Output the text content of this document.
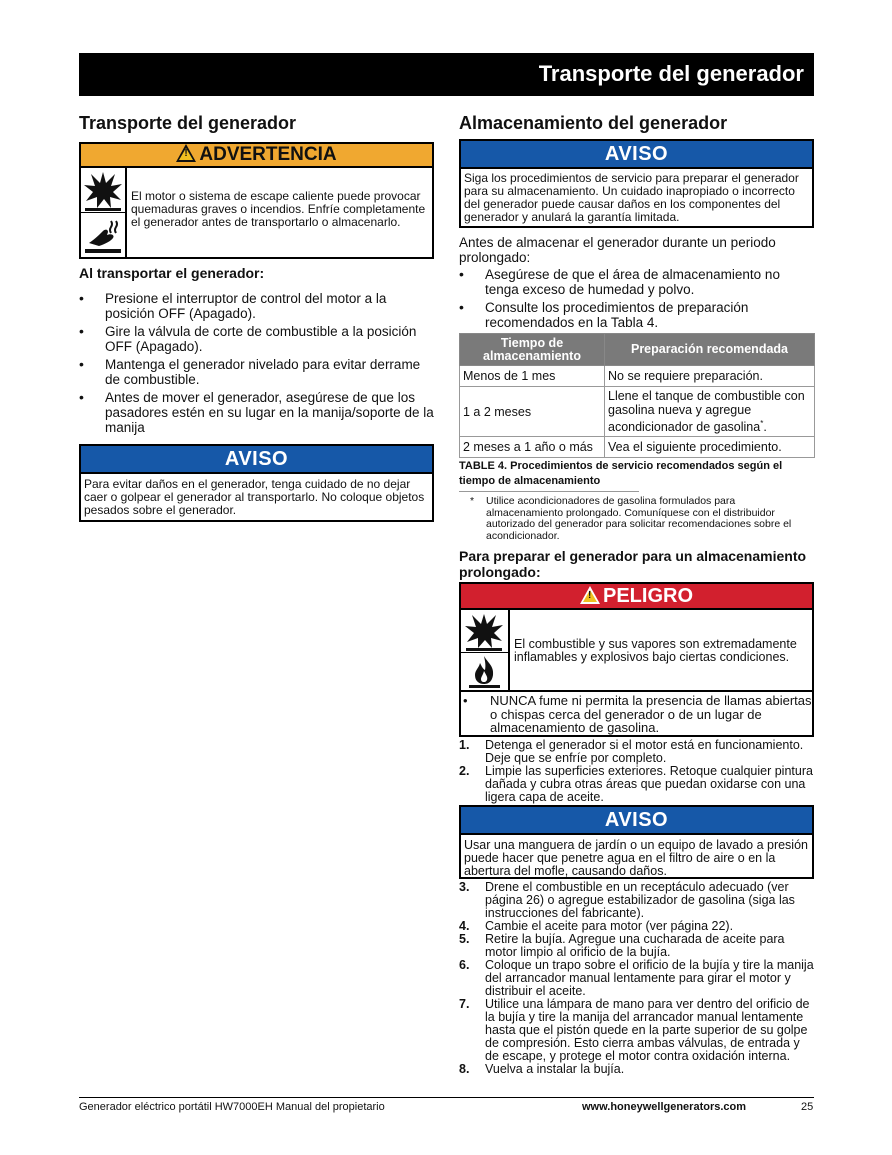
Transporte del generador
Transporte del generador
! ADVERTENCIA
El motor o sistema de escape caliente puede provocar quemaduras graves o incendios. Enfríe completamente el generador antes de transportarlo o almacenarlo.
Al transportar el generador:
• Presione el interruptor de control del motor a la posición OFF (Apagado).
• Gire la válvula de corte de combustible a la posición OFF (Apagado).
• Mantenga el generador nivelado para evitar derrame de combustible.
• Antes de mover el generador, asegúrese de que los pasadores estén en su lugar en la manija/soporte de la manija
AVISO
Para evitar daños en el generador, tenga cuidado de no dejar caer o golpear el generador al transportarlo. No coloque objetos pesados sobre el generador.
Almacenamiento del generador
AVISO
Siga los procedimientos de servicio para preparar el generador para su almacenamiento. Un cuidado inapropiado o incorrecto del generador puede causar daños en los componentes del generador y anulará la garantía limitada.
Antes de almacenar el generador durante un periodo prolongado:
• Asegúrese de que el área de almacenamiento no tenga exceso de humedad y polvo.
• Consulte los procedimientos de preparación recomendados en la Tabla 4.
Tiempo de almacenamiento	Preparación recomendada
Menos de 1 mes	No se requiere preparación.
1 a 2 meses	Llene el tanque de combustible con gasolina nueva y agregue acondicionador de gasolina*.
2 meses a 1 año o más	Vea el siguiente procedimiento.
TABLE 4. Procedimientos de servicio recomendados según el tiempo de almacenamiento
* Utilice acondicionadores de gasolina formulados para almacenamiento prolongado. Comuníquese con el distribuidor autorizado del generador para solicitar recomendaciones sobre el acondicionador.
Para preparar el generador para un almacenamiento prolongado:
! PELIGRO
El combustible y sus vapores son extremadamente inflamables y explosivos bajo ciertas condiciones.
•	NUNCA fume ni permita la presencia de llamas abiertas o chispas cerca del generador o de un lugar de almacenamiento de gasolina.
1. Detenga el generador si el motor está en funcionamiento. Deje que se enfríe por completo.
2. Limpie las superficies exteriores. Retoque cualquier pintura dañada y cubra otras áreas que puedan oxidarse con una ligera capa de aceite.
AVISO
Usar una manguera de jardín o un equipo de lavado a presión puede hacer que penetre agua en el filtro de aire o en la abertura del mofle, causando daños.
3. Drene el combustible en un receptáculo adecuado (ver página 26) o agregue estabilizador de gasolina (siga las instrucciones del fabricante).
4. Cambie el aceite para motor (ver página 22).
5. Retire la bujía. Agregue una cucharada de aceite para motor limpio al orificio de la bujía.
6. Coloque un trapo sobre el orificio de la bujía y tire la manija del arrancador manual lentamente para girar el motor y distribuir el aceite.
7. Utilice una lámpara de mano para ver dentro del orificio de la bujía y tire la manija del arrancador manual lentamente hasta que el pistón quede en la parte superior de su golpe de compresión. Esto cierra ambas válvulas, de entrada y de escape, y protege el motor contra oxidación interna.
8. Vuelva a instalar la bujía.
Generador eléctrico portátil HW7000EH Manual del propietario	www.honeywellgenerators.com	25
